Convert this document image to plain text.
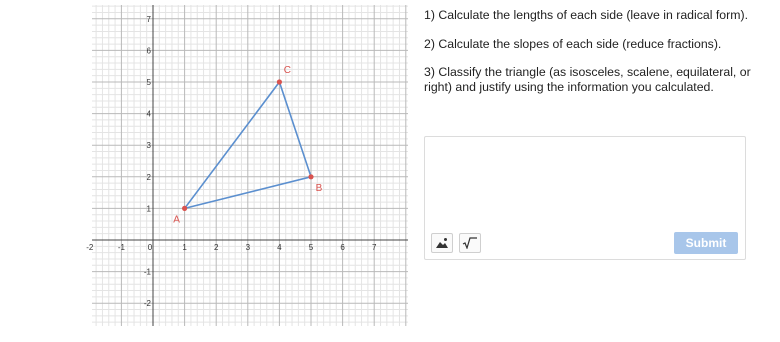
-2	-1	0	1	2	3	4	5	6	7
1
2
3
4
5
6
7
-1
-2
A
B
C

1) Calculate the lengths of each side (leave in radical form).

2) Calculate the slopes of each side (reduce fractions).

3) Classify the triangle (as isosceles, scalene, equilateral, or right) and justify using the information you calculated.

Submit
